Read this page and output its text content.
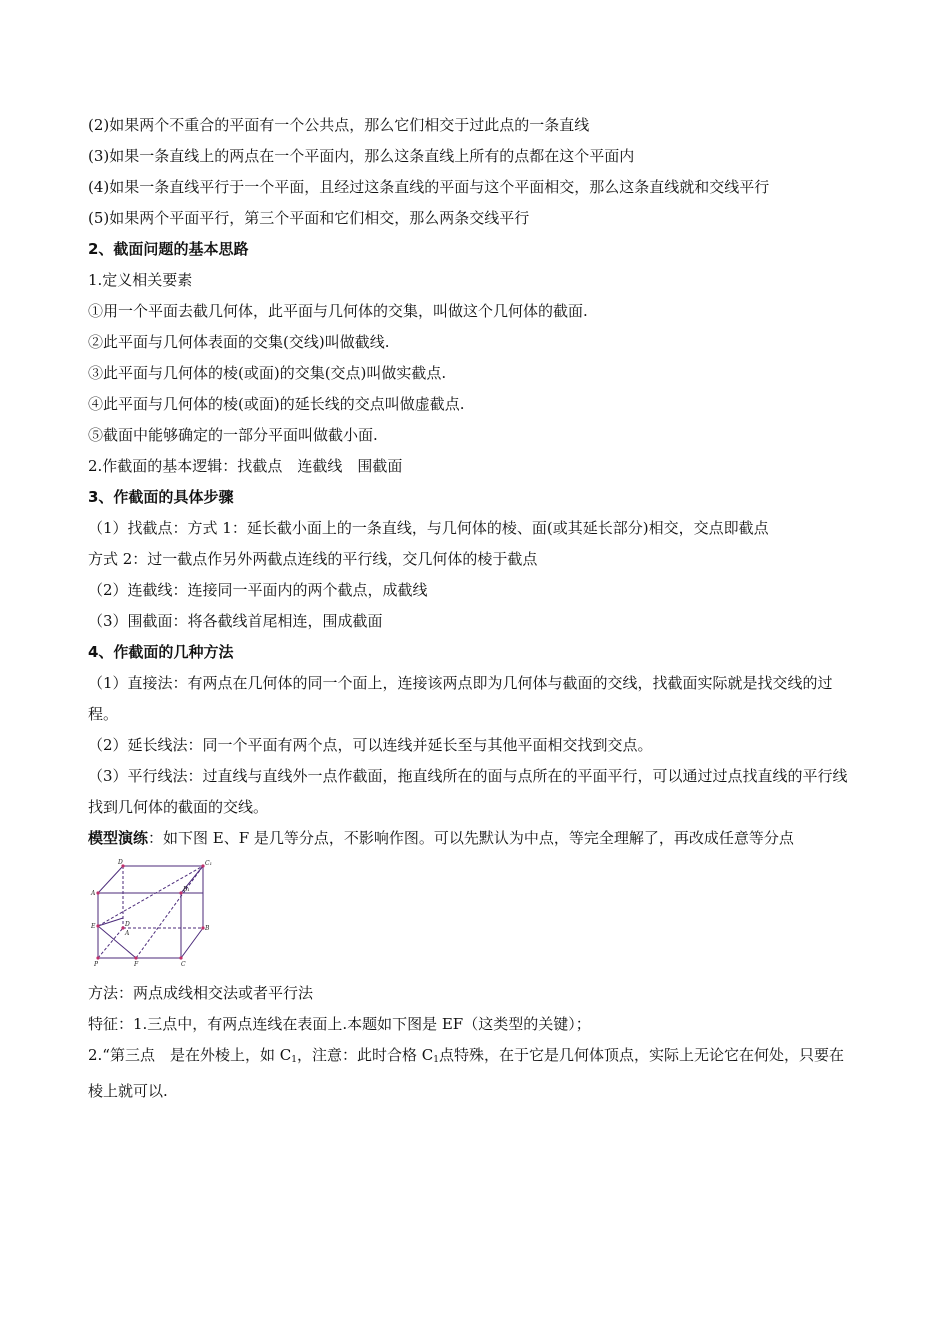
(2)如果两个不重合的平面有一个公共点，那么它们相交于过此点的一条直线
(3)如果一条直线上的两点在一个平面内，那么这条直线上所有的点都在这个平面内
(4)如果一条直线平行于一个平面，且经过这条直线的平面与这个平面相交，那么这条直线就和交线平行
(5)如果两个平面平行，第三个平面和它们相交，那么两条交线平行
2、截面问题的基本思路
1.定义相关要素
①用一个平面去截几何体，此平面与几何体的交集，叫做这个几何体的截面.
②此平面与几何体表面的交集(交线)叫做截线.
③此平面与几何体的棱(或面)的交集(交点)叫做实截点.
④此平面与几何体的棱(或面)的延长线的交点叫做虚截点.
⑤截面中能够确定的一部分平面叫做截小面.
2.作截面的基本逻辑：找截点　连截线　围截面
3、作截面的具体步骤
（1）找截点：方式 1：延长截小面上的一条直线，与几何体的棱、面(或其延长部分)相交，交点即截点
方式 2：过一截点作另外两截点连线的平行线，交几何体的棱于截点
（2）连截线：连接同一平面内的两个截点，成截线
（3）围截面：将各截线首尾相连，围成截面
4、作截面的几种方法
（1）直接法：有两点在几何体的同一个面上，连接该两点即为几何体与截面的交线，找截面实际就是找交线的过程。
（2）延长线法：同一个平面有两个点，可以连线并延长至与其他平面相交找到交点。
（3）平行线法：过直线与直线外一点作截面，拖直线所在的面与点所在的平面平行，可以通过过点找直线的平行线找到几何体的截面的交线。
模型演练：如下图 E、F 是几等分点，不影响作图。可以先默认为中点，等完全理解了，再改成任意等分点
D	C₁
A
B₁
E	D
A
B
P	F	C
方法：两点成线相交法或者平行法
特征：1.三点中，有两点连线在表面上.本题如下图是 EF（这类型的关键）；
2.“第三点　是在外棱上，如 $C_1$，注意：此时合格 $C_1$点特殊，在于它是几何体顶点，实际上无论它在何处，只要在棱上就可以.
